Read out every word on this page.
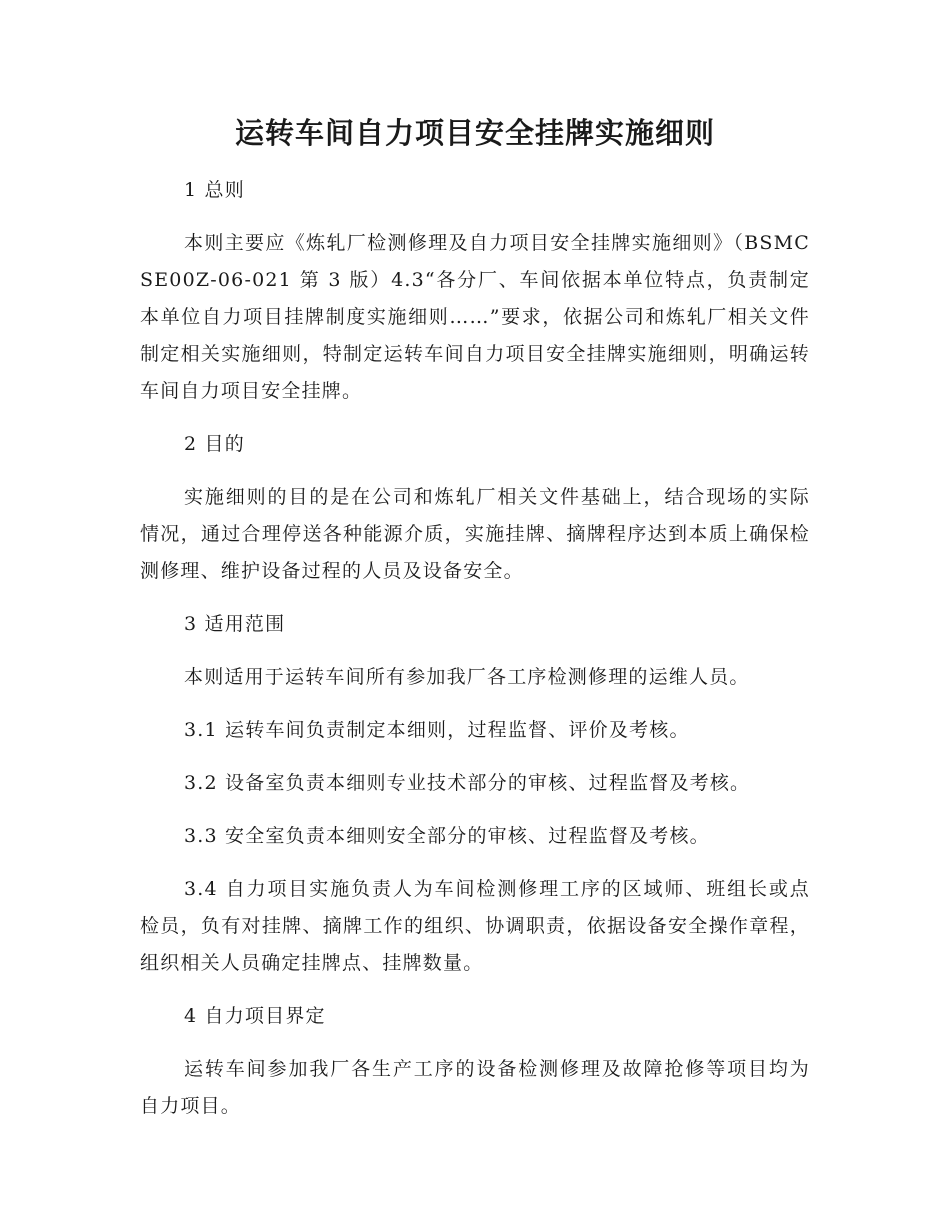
运转车间自力项目安全挂牌实施细则

1 总则

本则主要应《炼轧厂检测修理及自力项目安全挂牌实施细则》（BSMCSE00Z-06-021 第 3 版）4.3“各分厂、车间依据本单位特点，负责制定本单位自力项目挂牌制度实施细则……”要求，依据公司和炼轧厂相关文件制定相关实施细则，特制定运转车间自力项目安全挂牌实施细则，明确运转车间自力项目安全挂牌。

2 目的

实施细则的目的是在公司和炼轧厂相关文件基础上，结合现场的实际情况，通过合理停送各种能源介质，实施挂牌、摘牌程序达到本质上确保检测修理、维护设备过程的人员及设备安全。

3 适用范围

本则适用于运转车间所有参加我厂各工序检测修理的运维人员。

3.1 运转车间负责制定本细则，过程监督、评价及考核。

3.2 设备室负责本细则专业技术部分的审核、过程监督及考核。

3.3 安全室负责本细则安全部分的审核、过程监督及考核。

3.4 自力项目实施负责人为车间检测修理工序的区域师、班组长或点检员，负有对挂牌、摘牌工作的组织、协调职责，依据设备安全操作章程，组织相关人员确定挂牌点、挂牌数量。

4 自力项目界定

运转车间参加我厂各生产工序的设备检测修理及故障抢修等项目均为自力项目。
